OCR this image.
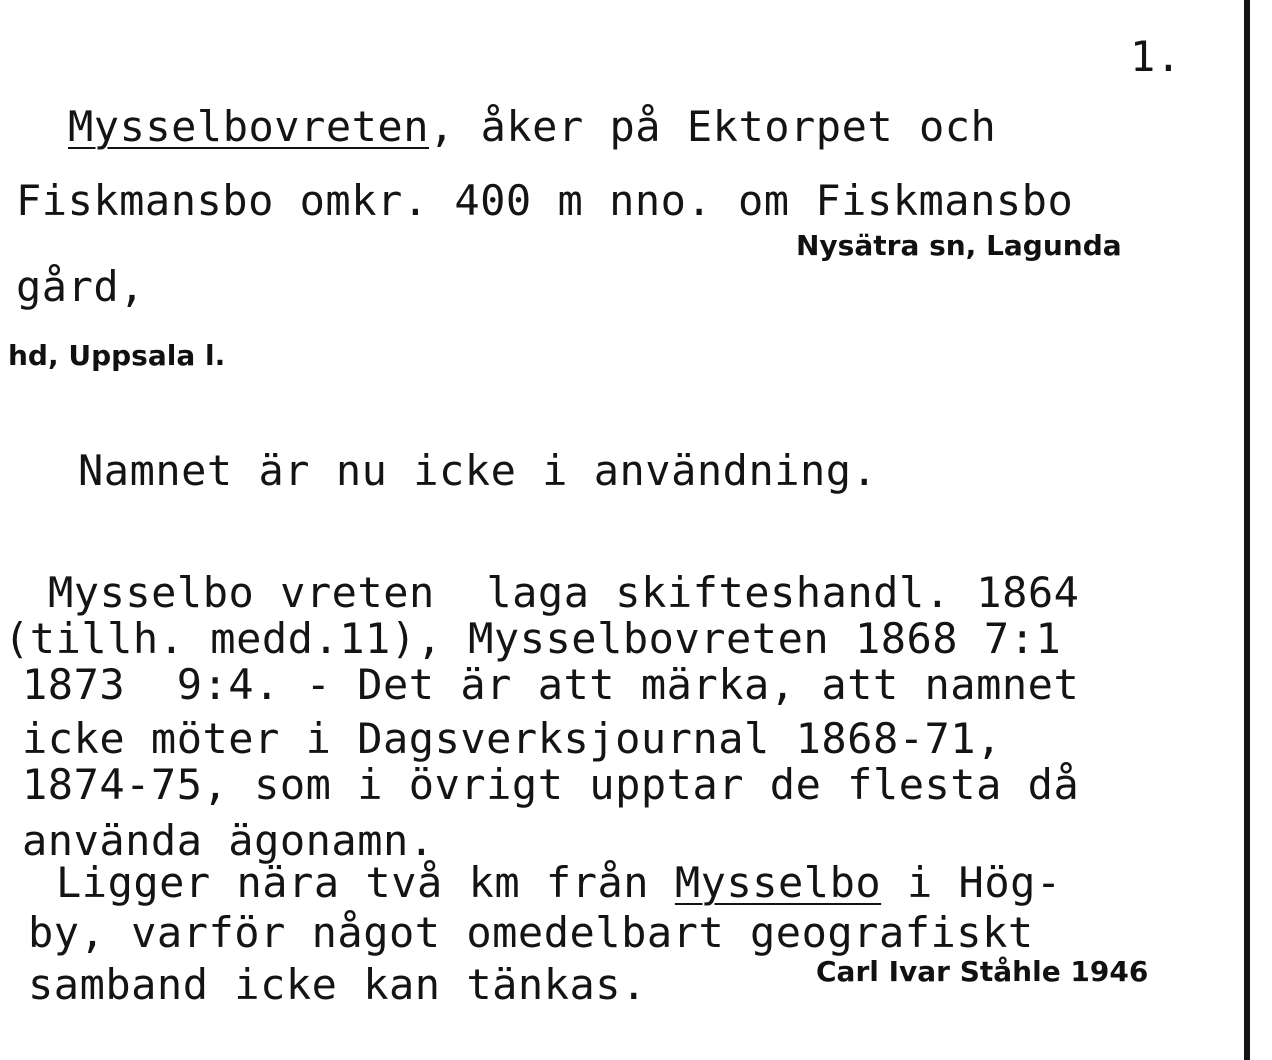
1.
Mysselbovreten, åker på Ektorpet och
Fiskmansbo omkr. 400 m nno. om Fiskmansbo
Nysätra sn, Lagunda
gård,
hd, Uppsala l.
Namnet är nu icke i användning.
Mysselbo vreten  laga skifteshandl. 1864
(tillh. medd.11), Mysselbovreten 1868 7:1
1873  9:4. - Det är att märka, att namnet
icke möter i Dagsverksjournal 1868-71,
1874-75, som i övrigt upptar de flesta då
använda ägonamn.
Ligger nära två km från Mysselbo i Hög-
by, varför något omedelbart geografiskt
samband icke kan tänkas.	Carl Ivar Ståhle 1946
